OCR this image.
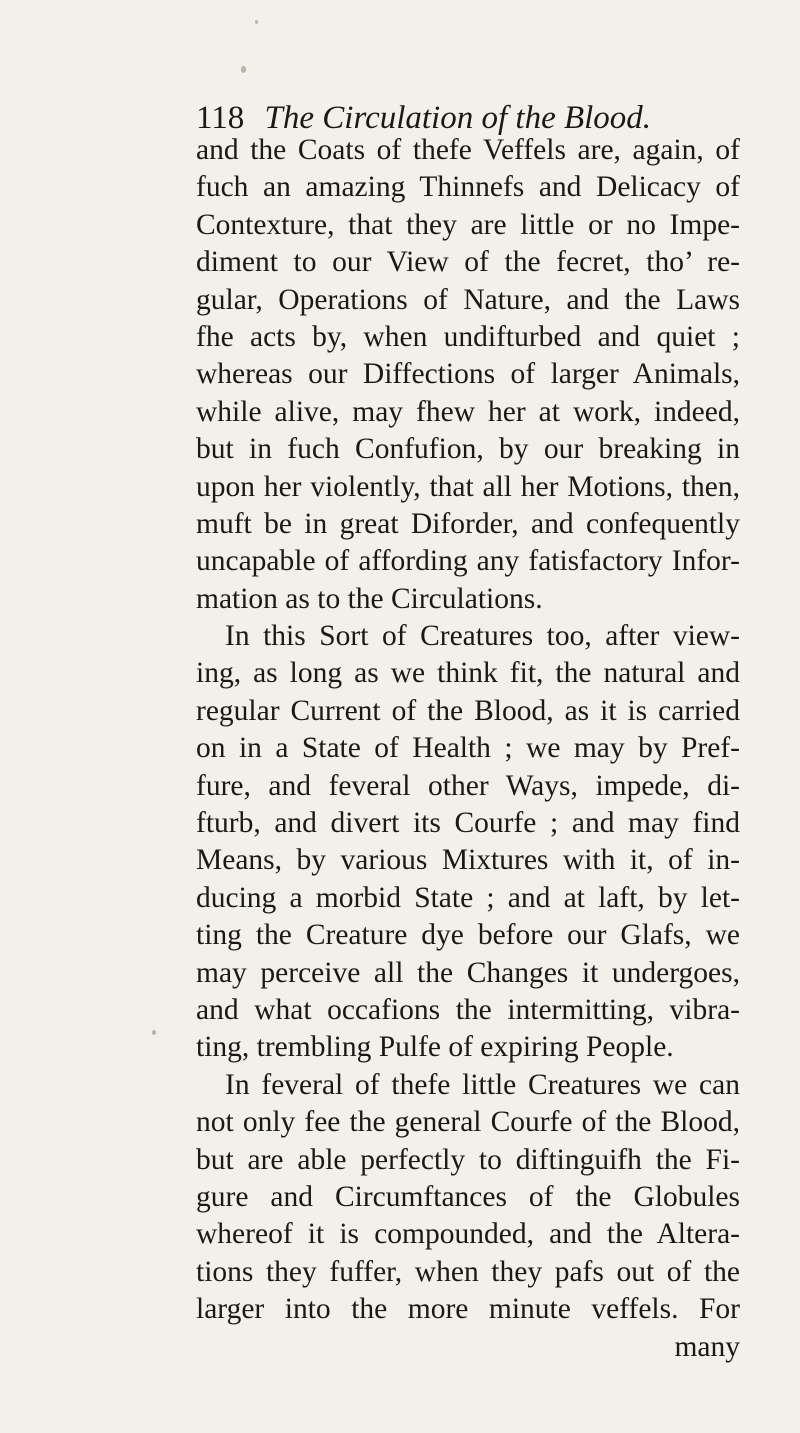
118 The Circulation of the Blood.
and the Coats of thefe Veffels are, again, of
fuch an amazing Thinnefs and Delicacy of
Contexture, that they are little or no Impe-
diment to our View of the fecret, tho’ re-
gular, Operations of Nature, and the Laws
fhe acts by, when undifturbed and quiet ;
whereas our Diffections of larger Animals,
while alive, may fhew her at work, indeed,
but in fuch Confufion, by our breaking in
upon her violently, that all her Motions, then,
muft be in great Diforder, and confequently
uncapable of affording any fatisfactory Infor-
mation as to the Circulations.
In this Sort of Creatures too, after view-
ing, as long as we think fit, the natural and
regular Current of the Blood, as it is carried
on in a State of Health ; we may by Pref-
fure, and feveral other Ways, impede, di-
fturb, and divert its Courfe ; and may find
Means, by various Mixtures with it, of in-
ducing a morbid State ; and at laft, by let-
ting the Creature dye before our Glafs, we
may perceive all the Changes it undergoes,
and what occafions the intermitting, vibra-
ting, trembling Pulfe of expiring People.
In feveral of thefe little Creatures we can
not only fee the general Courfe of the Blood,
but are able perfectly to diftinguifh the Fi-
gure and Circumftances of the Globules
whereof it is compounded, and the Altera-
tions they fuffer, when they pafs out of the
larger into the more minute veffels. For
many
